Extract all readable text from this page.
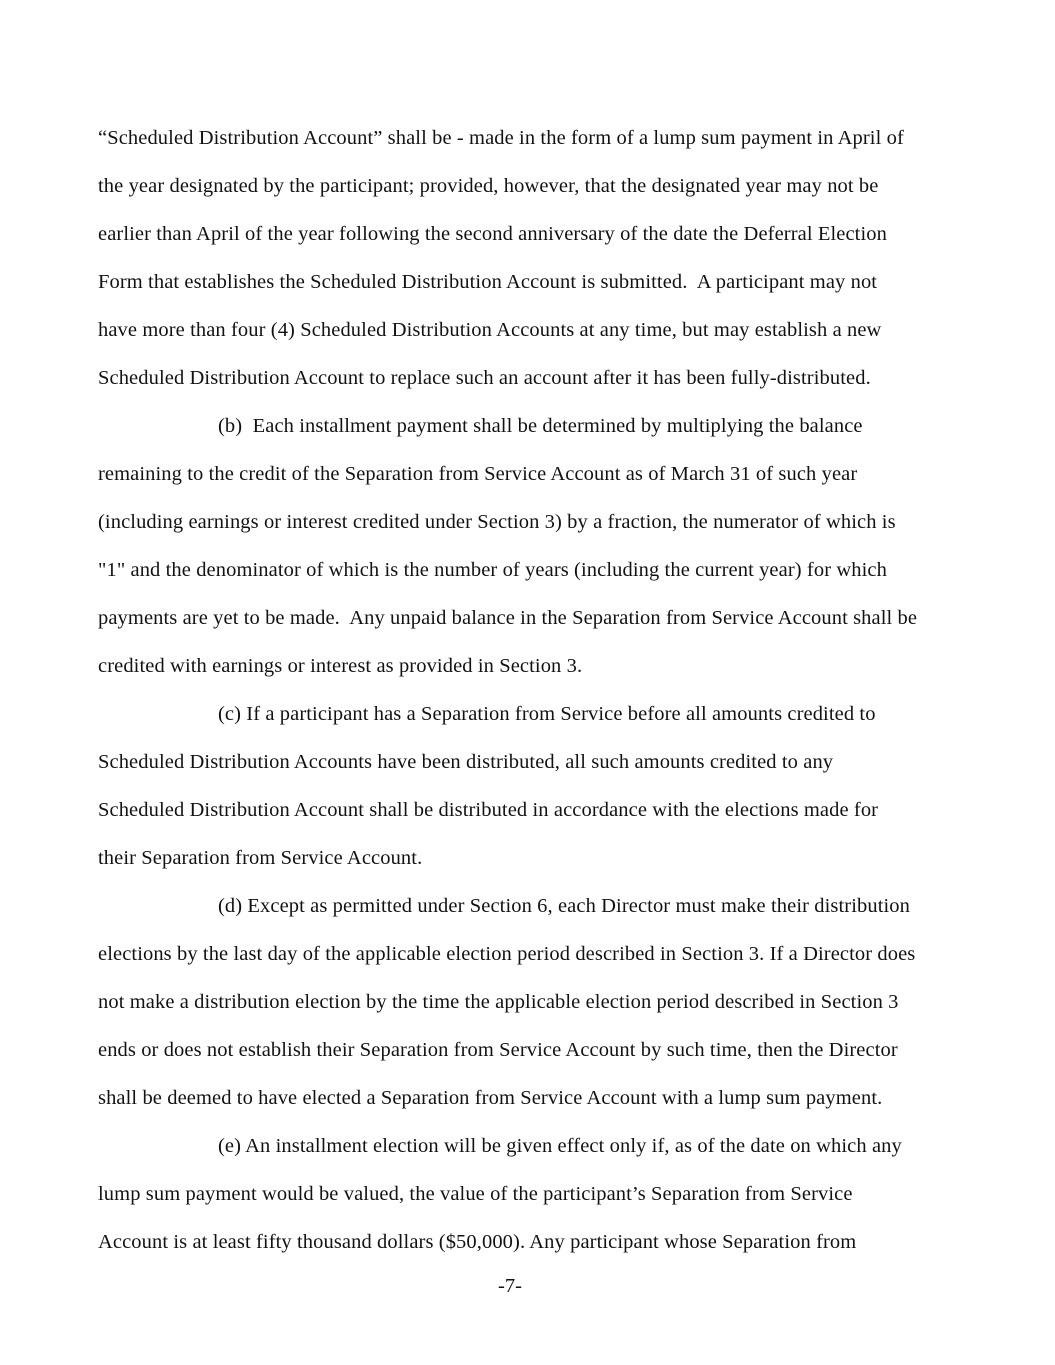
“Scheduled Distribution Account” shall be - made in the form of a lump sum payment in April of
the year designated by the participant; provided, however, that the designated year may not be
earlier than April of the year following the second anniversary of the date the Deferral Election
Form that establishes the Scheduled Distribution Account is submitted.  A participant may not
have more than four (4) Scheduled Distribution Accounts at any time, but may establish a new
Scheduled Distribution Account to replace such an account after it has been fully-distributed.
(b)  Each installment payment shall be determined by multiplying the balance
remaining to the credit of the Separation from Service Account as of March 31 of such year
(including earnings or interest credited under Section 3) by a fraction, the numerator of which is
"1" and the denominator of which is the number of years (including the current year) for which
payments are yet to be made.  Any unpaid balance in the Separation from Service Account shall be
credited with earnings or interest as provided in Section 3.
(c) If a participant has a Separation from Service before all amounts credited to
Scheduled Distribution Accounts have been distributed, all such amounts credited to any
Scheduled Distribution Account shall be distributed in accordance with the elections made for
their Separation from Service Account.
(d) Except as permitted under Section 6, each Director must make their distribution
elections by the last day of the applicable election period described in Section 3. If a Director does
not make a distribution election by the time the applicable election period described in Section 3
ends or does not establish their Separation from Service Account by such time, then the Director
shall be deemed to have elected a Separation from Service Account with a lump sum payment.
(e) An installment election will be given effect only if, as of the date on which any
lump sum payment would be valued, the value of the participant’s Separation from Service
Account is at least fifty thousand dollars ($50,000). Any participant whose Separation from
-7-
